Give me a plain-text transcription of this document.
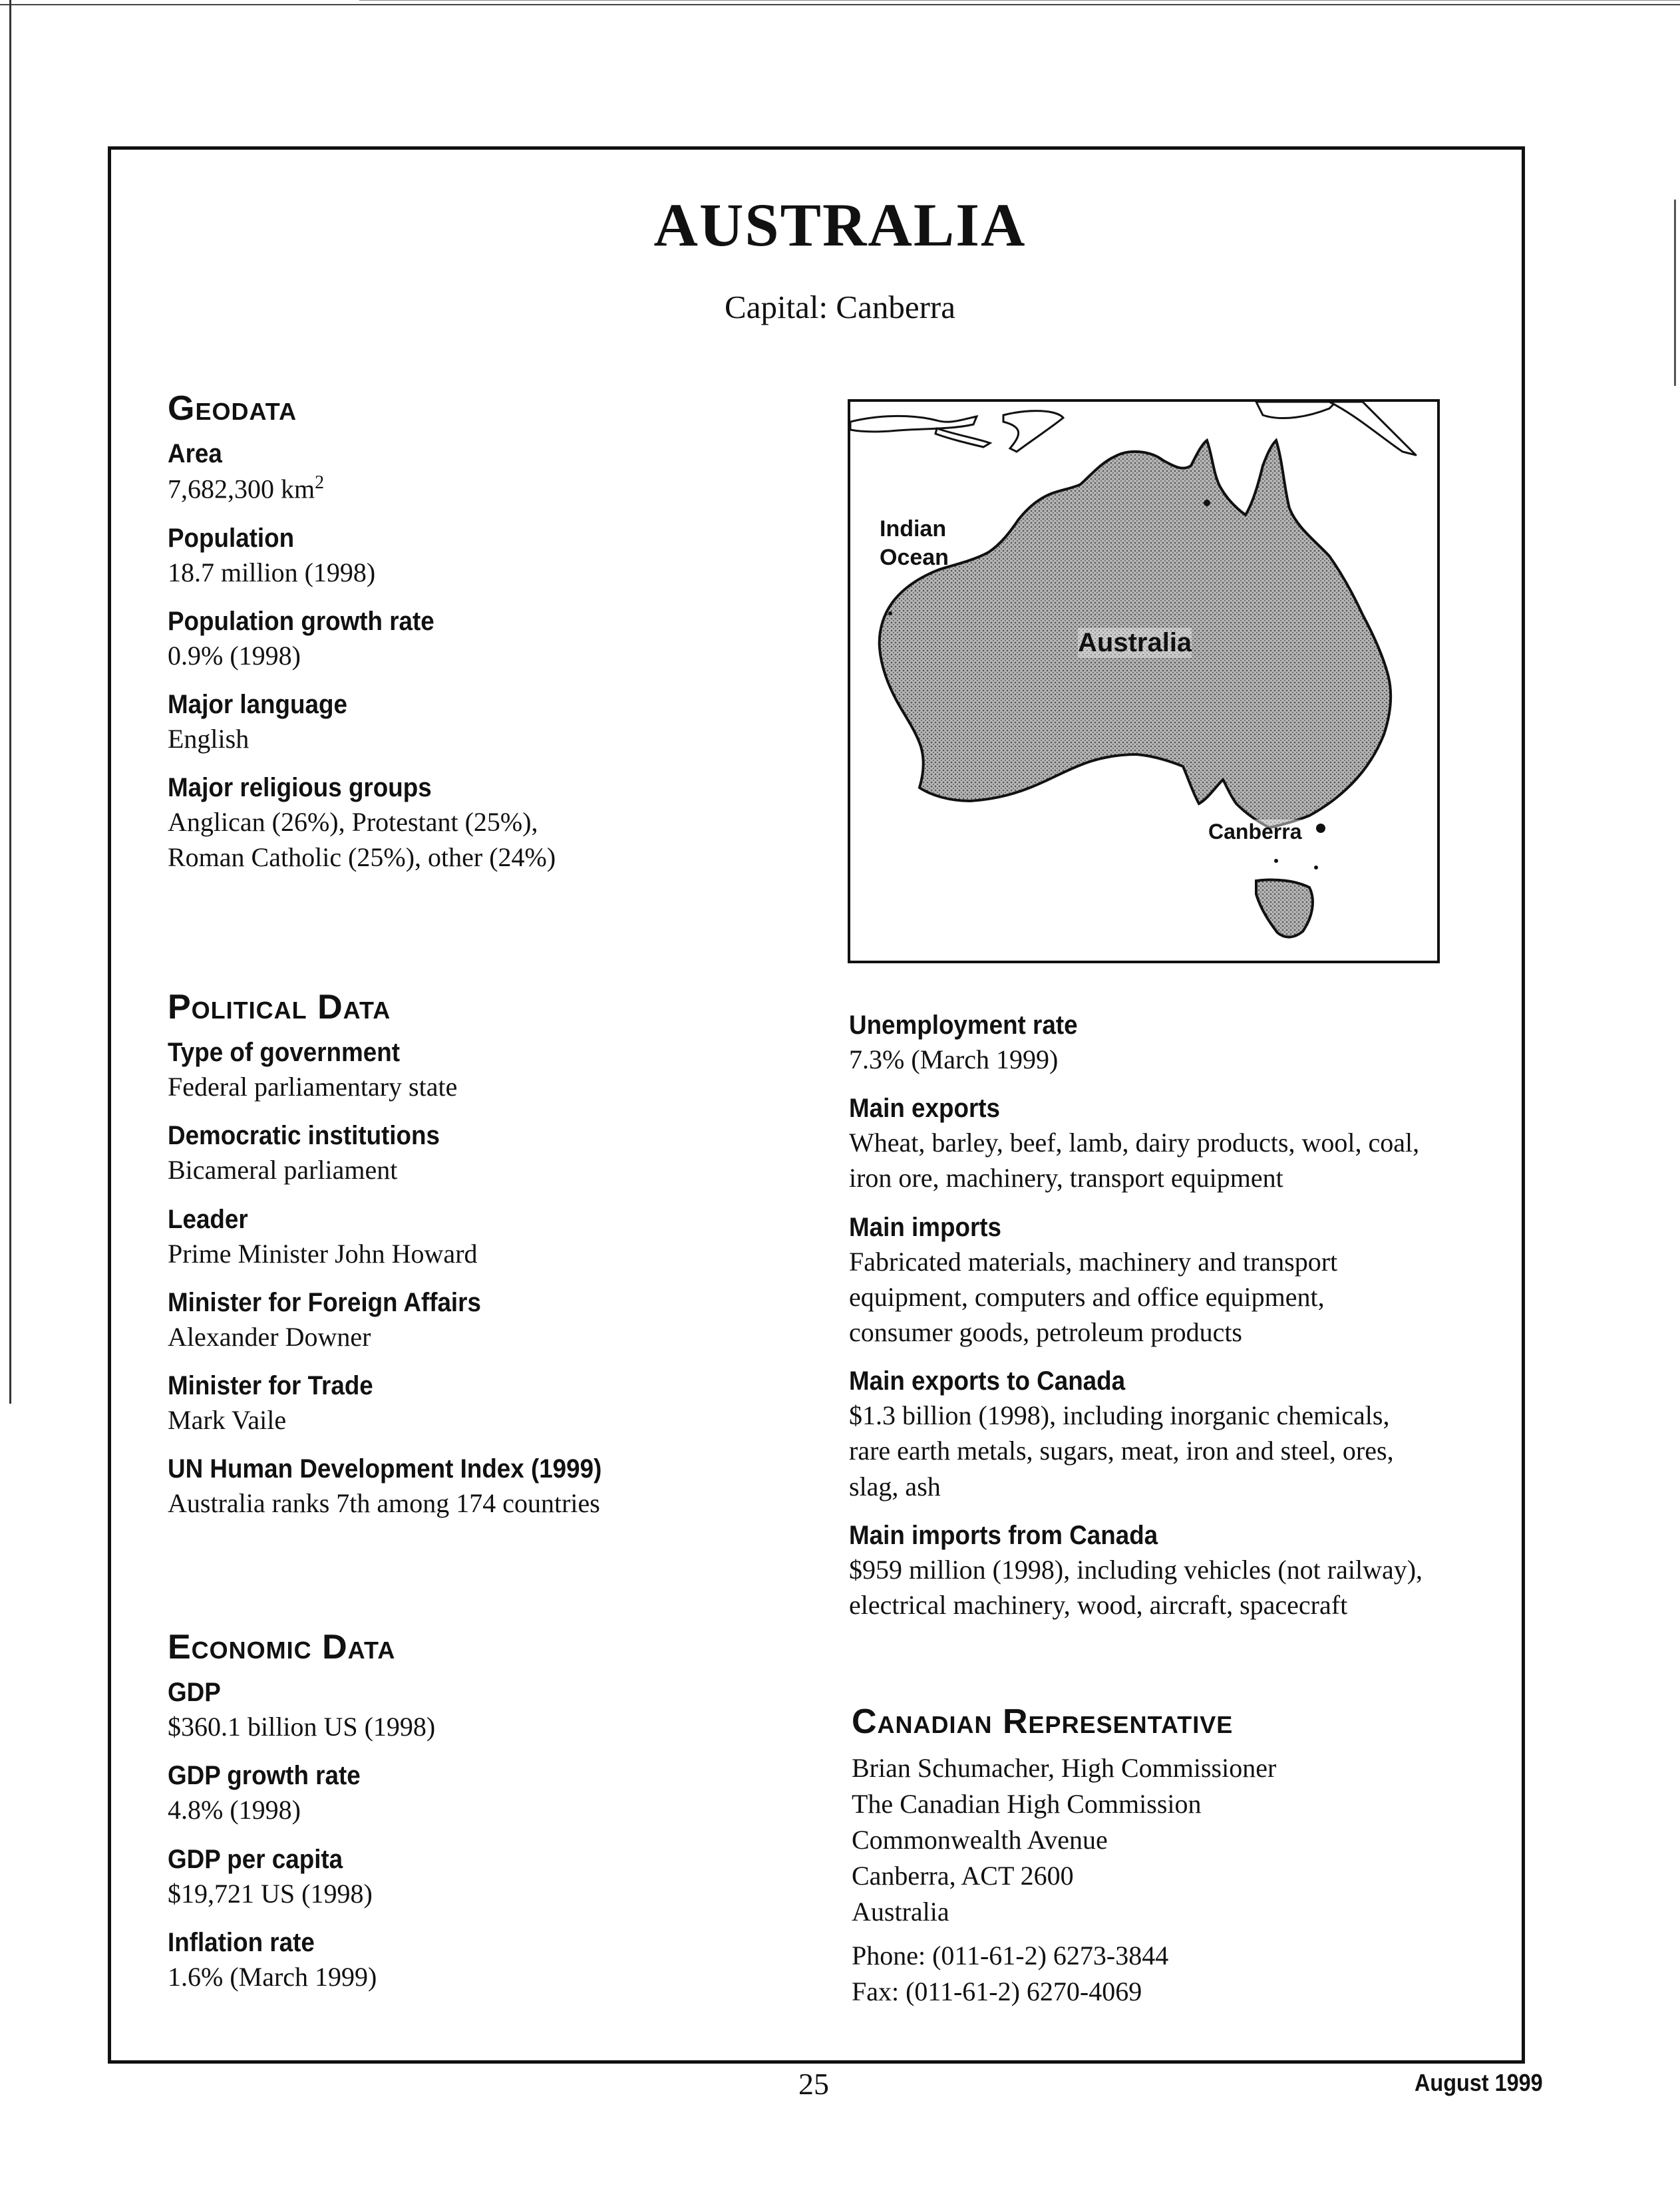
AUSTRALIA
Capital: Canberra
Geodata
Area
7,682,300 $km^2$
Population
18.7 million (1998)
Population growth rate
0.9% (1998)
Major language
English
Major religious groups
Anglican (26%), Protestant (25%),
Roman Catholic (25%), other (24%)
Political Data
Type of government
Federal parliamentary state
Democratic institutions
Bicameral parliament
Leader
Prime Minister John Howard
Minister for Foreign Affairs
Alexander Downer
Minister for Trade
Mark Vaile
UN Human Development Index (1999)
Australia ranks 7th among 174 countries
Economic Data
GDP
$360.1 billion US (1998)
GDP growth rate
4.8% (1998)
GDP per capita
$19,721 US (1998)
Inflation rate
1.6% (March 1999)
Indian
Ocean
Australia
Canberra
Unemployment rate
7.3% (March 1999)
Main exports
Wheat, barley, beef, lamb, dairy products, wool, coal,
iron ore, machinery, transport equipment
Main imports
Fabricated materials, machinery and transport
equipment, computers and office equipment,
consumer goods, petroleum products
Main exports to Canada
$1.3 billion (1998), including inorganic chemicals,
rare earth metals, sugars, meat, iron and steel, ores,
slag, ash
Main imports from Canada
$959 million (1998), including vehicles (not railway),
electrical machinery, wood, aircraft, spacecraft
Canadian Representative
Brian Schumacher, High Commissioner
The Canadian High Commission
Commonwealth Avenue
Canberra, ACT 2600
Australia
Phone: (011-61-2) 6273-3844
Fax: (011-61-2) 6270-4069
25	August 1999
